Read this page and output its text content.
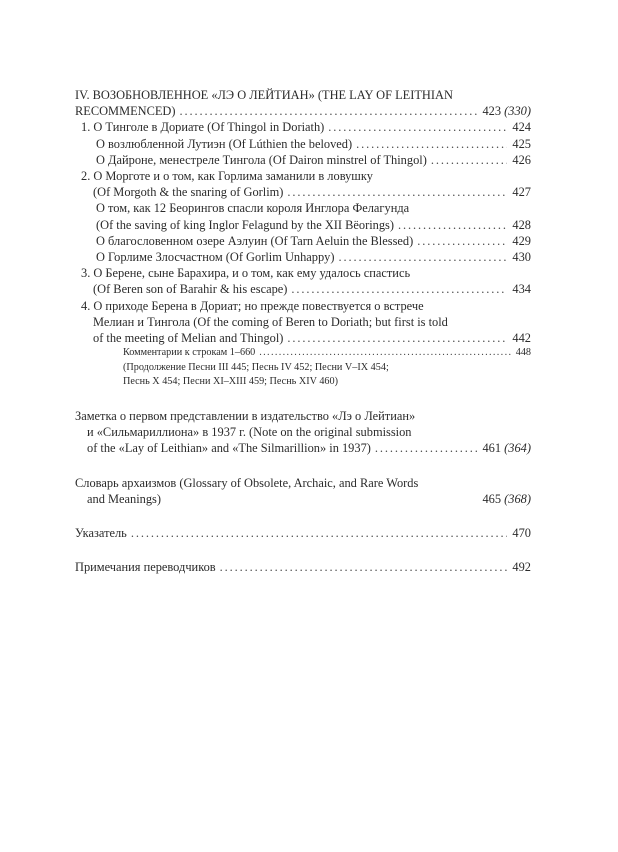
IV. ВОЗОБНОВЛЕННОЕ «ЛЭ О ЛЕЙТИАН» (THE LAY OF LEITHIAN
RECOMMENCED) . . .	423 (330)
1. О Тинголе в Дориате (Of Thingol in Doriath) . . .	424
О возлюбленной Лутиэн (Of Lúthien the beloved) . . .	425
О Дайроне, менестреле Тингола (Of Dairon minstrel of Thingol) . . .	426
2. О Морготе и о том, как Горлима заманили в ловушку
(Of Morgoth & the snaring of Gorlim) . . .	427
О том, как 12 Беорингов спасли короля Инглора Фелагунда
(Of the saving of king Inglor Felagund by the XII Bëorings) . . .	428
О благословенном озере Аэлуин (Of Tarn Aeluin the Blessed) . . .	429
О Горлиме Злосчастном (Of Gorlim Unhappy) . . .	430
3. О Берене, сыне Барахира, и о том, как ему удалось спастись
(Of Beren son of Barahir & his escape) . . .	434
4. О приходе Берена в Дориат; но прежде повествуется о встрече
Мелиан и Тингола (Of the coming of Beren to Doriath; but first is told
of the meeting of Melian and Thingol) . . .	442
Комментарии к строкам 1–660 . . .	448
(Продолжение Песни III 445; Песнь IV 452; Песни V–IX 454;
Песнь X 454; Песни XI–XIII 459; Песнь XIV 460)
Заметка о первом представлении в издательство «Лэ о Лейтиан»
и «Сильмариллиона» в 1937 г. (Note on the original submission
of the «Lay of Leithian» and «The Silmarillion» in 1937) . . .	461 (364)
Словарь архаизмов (Glossary of Obsolete, Archaic, and Rare Words
and Meanings)	465 (368)
Указатель . . .	470
Примечания переводчиков . . .	492
